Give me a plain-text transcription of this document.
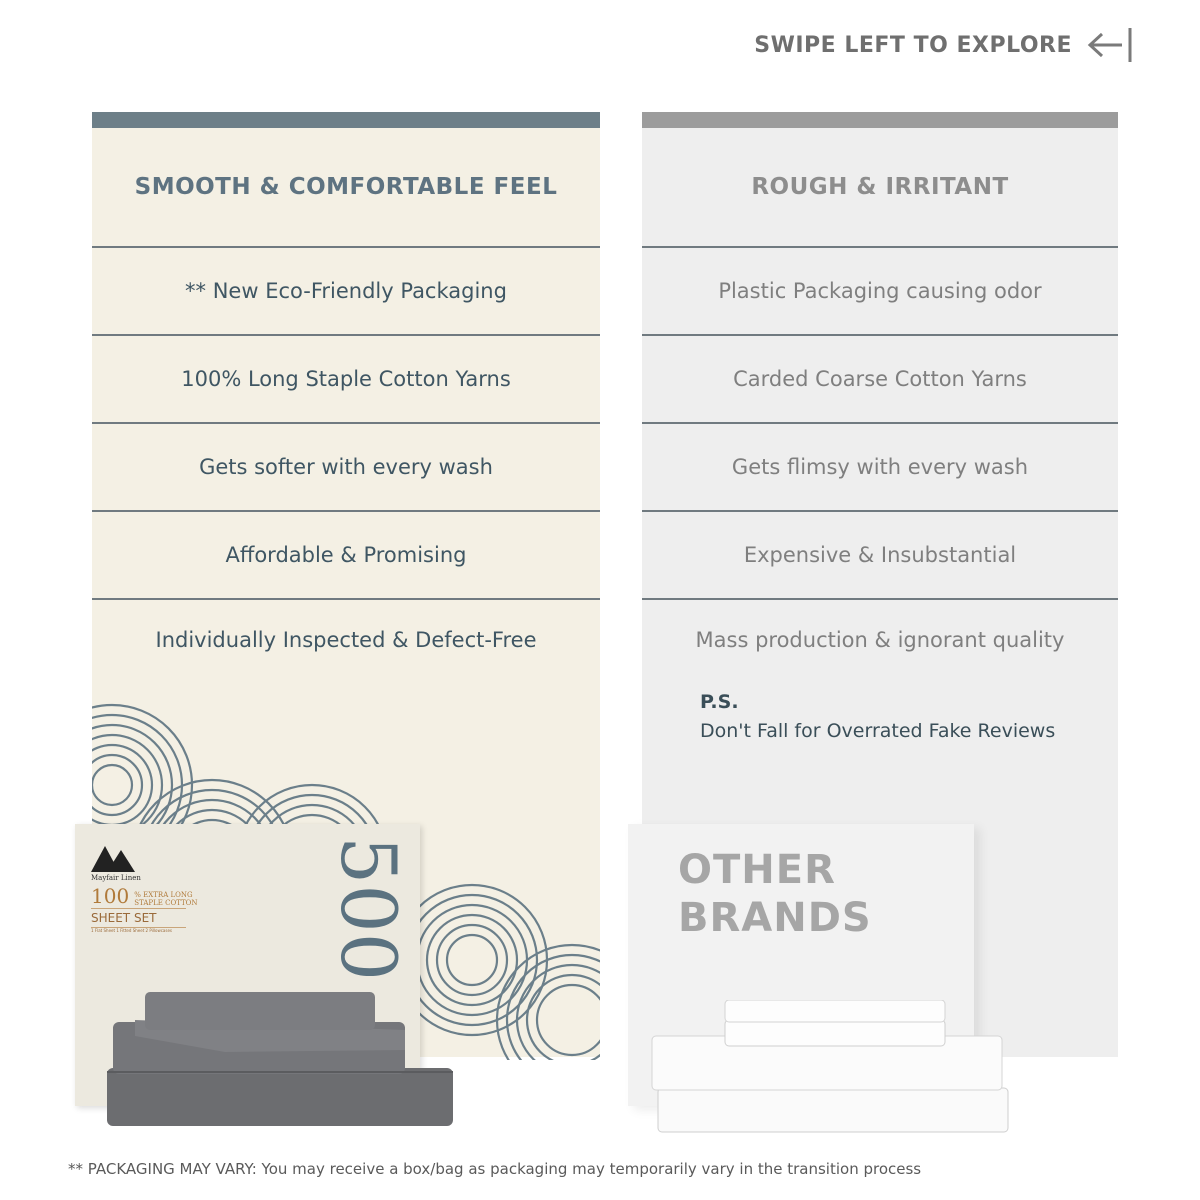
SWIPE LEFT TO EXPLORE
SMOOTH & COMFORTABLE FEEL
** New Eco-Friendly Packaging
100% Long Staple Cotton Yarns
Gets softer with every wash
Affordable & Promising
Individually Inspected & Defect-Free
ROUGH & IRRITANT
Plastic Packaging causing odor
Carded Coarse Cotton Yarns
Gets flimsy with every wash
Expensive & Insubstantial
Mass production & ignorant quality
P.S.
Don't Fall for Overrated Fake Reviews
Mayfair Linen
100 % EXTRA LONG
STAPLE COTTON
SHEET SET
1 Flat Sheet 1 Fitted Sheet 2 Pillowcases 500	OTHER
BRANDS
** PACKAGING MAY VARY: You may receive a box/bag as packaging may temporarily vary in the transition process
